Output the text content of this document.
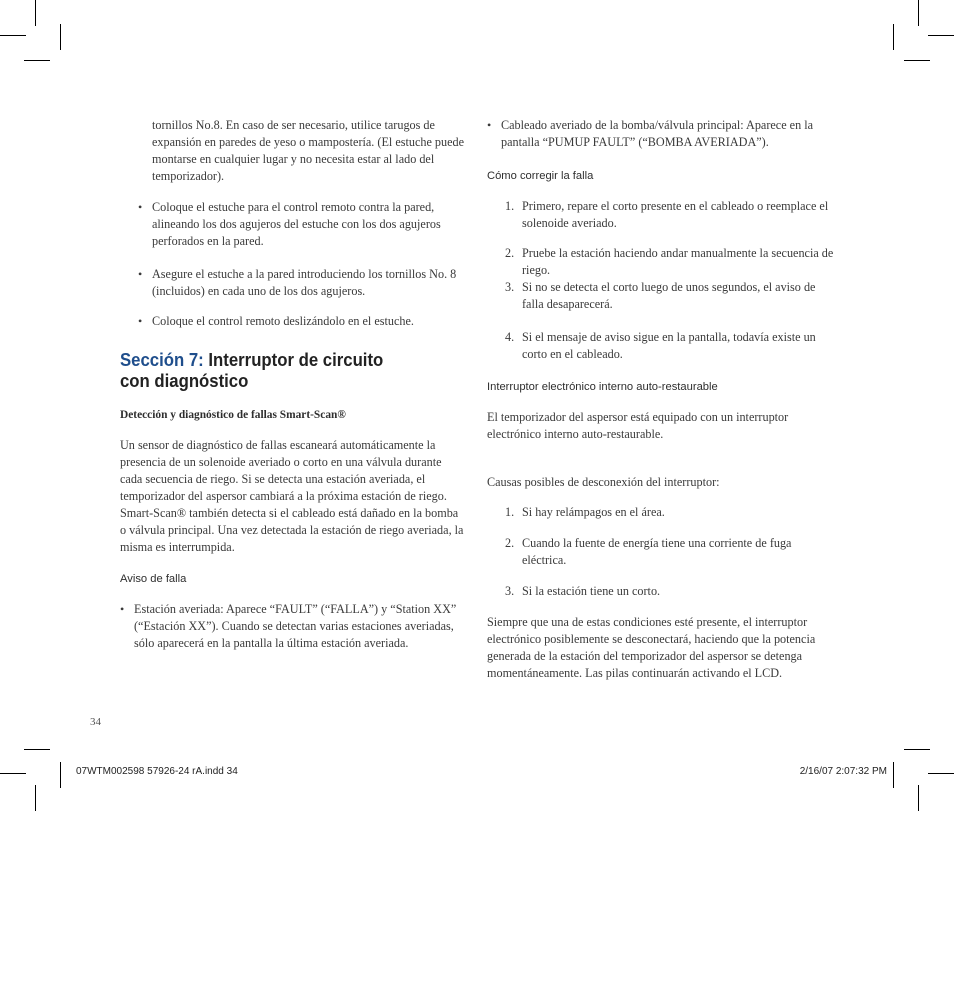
tornillos No.8. En caso de ser necesario, utilice tarugos de expansión en paredes de yeso o mampostería. (El estuche puede montarse en cualquier lugar y no necesita estar al lado del temporizador).

• Coloque el estuche para el control remoto contra la pared, alineando los dos agujeros del estuche con los dos agujeros perforados en la pared.

• Asegure el estuche a la pared introduciendo los tornillos No. 8 (incluidos) en cada uno de los dos agujeros.

• Coloque el control remoto deslizándolo en el estuche.

Sección 7: Interruptor de circuito
con diagnóstico

Detección y diagnóstico de fallas Smart-Scan®

Un sensor de diagnóstico de fallas escaneará automáticamente la presencia de un solenoide averiado o corto en una válvula durante cada secuencia de riego. Si se detecta una estación averiada, el temporizador del aspersor cambiará a la próxima estación de riego. Smart-Scan® también detecta si el cableado está dañado en la bomba o válvula principal. Una vez detectada la estación de riego averiada, la misma es interrumpida.

Aviso de falla

• Estación averiada: Aparece “FAULT” (“FALLA”) y “Station XX” (“Estación XX”). Cuando se detectan varias estaciones averiadas, sólo aparecerá en la pantalla la última estación averiada.

• Cableado averiado de la bomba/válvula principal: Aparece en la pantalla “PUMUP FAULT” (“BOMBA AVERIADA”).

Cómo corregir la falla

1. Primero, repare el corto presente en el cableado o reemplace el solenoide averiado.

2. Pruebe la estación haciendo andar manualmente la secuencia de riego.

3. Si no se detecta el corto luego de unos segundos, el aviso de falla desaparecerá.

4. Si el mensaje de aviso sigue en la pantalla, todavía existe un corto en el cableado.

Interruptor electrónico interno auto-restaurable

El temporizador del aspersor está equipado con un interruptor electrónico interno auto-restaurable.

Causas posibles de desconexión del interruptor:

1. Si hay relámpagos en el área.

2. Cuando la fuente de energía tiene una corriente de fuga eléctrica.

3. Si la estación tiene un corto.

Siempre que una de estas condiciones esté presente, el interruptor electrónico posiblemente se desconectará, haciendo que la potencia generada de la estación del temporizador del aspersor se detenga momentáneamente. Las pilas continuarán activando el LCD.

34
07WTM002598 57926-24 rA.indd 34	2/16/07 2:07:32 PM
